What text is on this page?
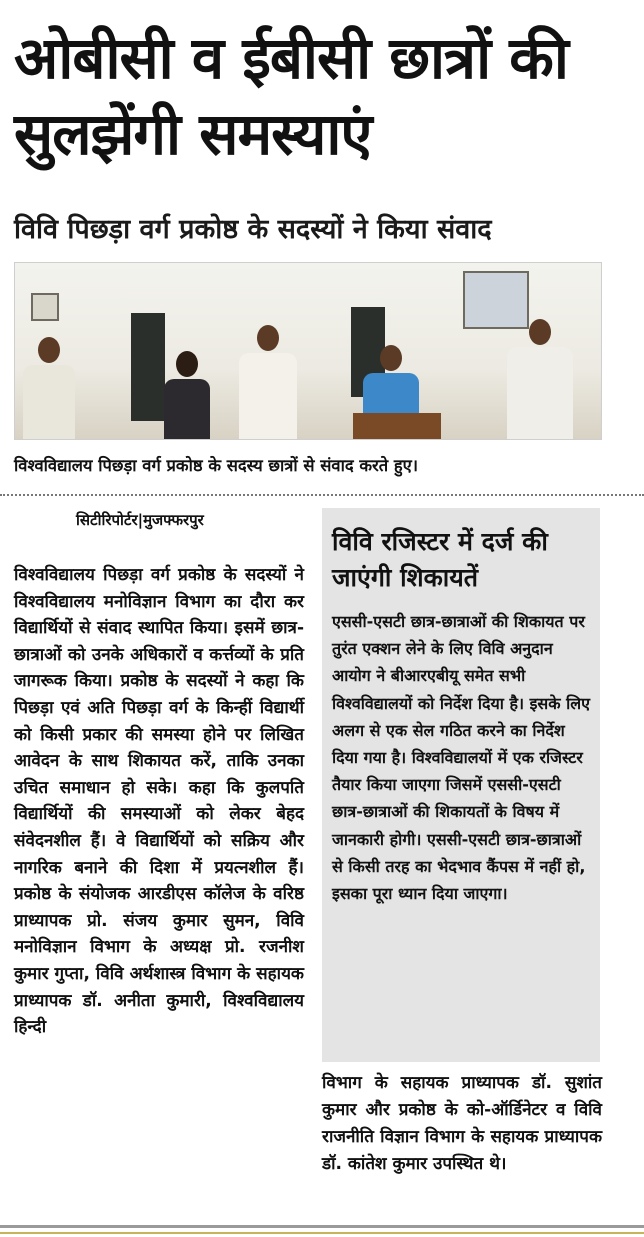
ओबीसी व ईबीसी छात्रों की सुलझेंगी समस्याएं
विवि पिछड़ा वर्ग प्रकोष्ठ के सदस्यों ने किया संवाद
विश्वविद्यालय पिछड़ा वर्ग प्रकोष्ठ के सदस्य छात्रों से संवाद करते हुए।
सिटीरिपोर्टर|मुजफ्फरपुर
विश्वविद्यालय पिछड़ा वर्ग प्रकोष्ठ के सदस्यों ने विश्वविद्यालय मनोविज्ञान विभाग का दौरा कर विद्यार्थियों से संवाद स्थापित किया। इसमें छात्र-छात्राओं को उनके अधिकारों व कर्त्तव्यों के प्रति जागरूक किया। प्रकोष्ठ के सदस्यों ने कहा कि पिछड़ा एवं अति पिछड़ा वर्ग के किन्हीं विद्यार्थी को किसी प्रकार की समस्या होने पर लिखित आवेदन के साथ शिकायत करें, ताकि उनका उचित समाधान हो सके। कहा कि कुलपति विद्यार्थियों की समस्याओं को लेकर बेहद संवेदनशील हैं। वे विद्यार्थियों को सक्रिय और नागरिक बनाने की दिशा में प्रयत्नशील हैं। प्रकोष्ठ के संयोजक आरडीएस कॉलेज के वरिष्ठ प्राध्यापक प्रो. संजय कुमार सुमन, विवि मनोविज्ञान विभाग के अध्यक्ष प्रो. रजनीश कुमार गुप्ता, विवि अर्थशास्त्र विभाग के सहायक प्राध्यापक डॉ. अनीता कुमारी, विश्वविद्यालय हिन्दी
विवि रजिस्टर में दर्ज की जाएंगी शिकायतें
एससी-एसटी छात्र-छात्राओं की शिकायत पर तुरंत एक्शन लेने के लिए विवि अनुदान आयोग ने बीआरएबीयू समेत सभी विश्वविद्यालयों को निर्देश दिया है। इसके लिए अलग से एक सेल गठित करने का निर्देश दिया गया है। विश्वविद्यालयों में एक रजिस्टर तैयार किया जाएगा जिसमें एससी-एसटी छात्र-छात्राओं की शिकायतों के विषय में जानकारी होगी। एससी-एसटी छात्र-छात्राओं से किसी तरह का भेदभाव कैंपस में नहीं हो, इसका पूरा ध्यान दिया जाएगा।
विभाग के सहायक प्राध्यापक डॉ. सुशांत कुमार और प्रकोष्ठ के को-ऑर्डिनेटर व विवि राजनीति विज्ञान विभाग के सहायक प्राध्यापक डॉ. कांतेश कुमार उपस्थित थे।
